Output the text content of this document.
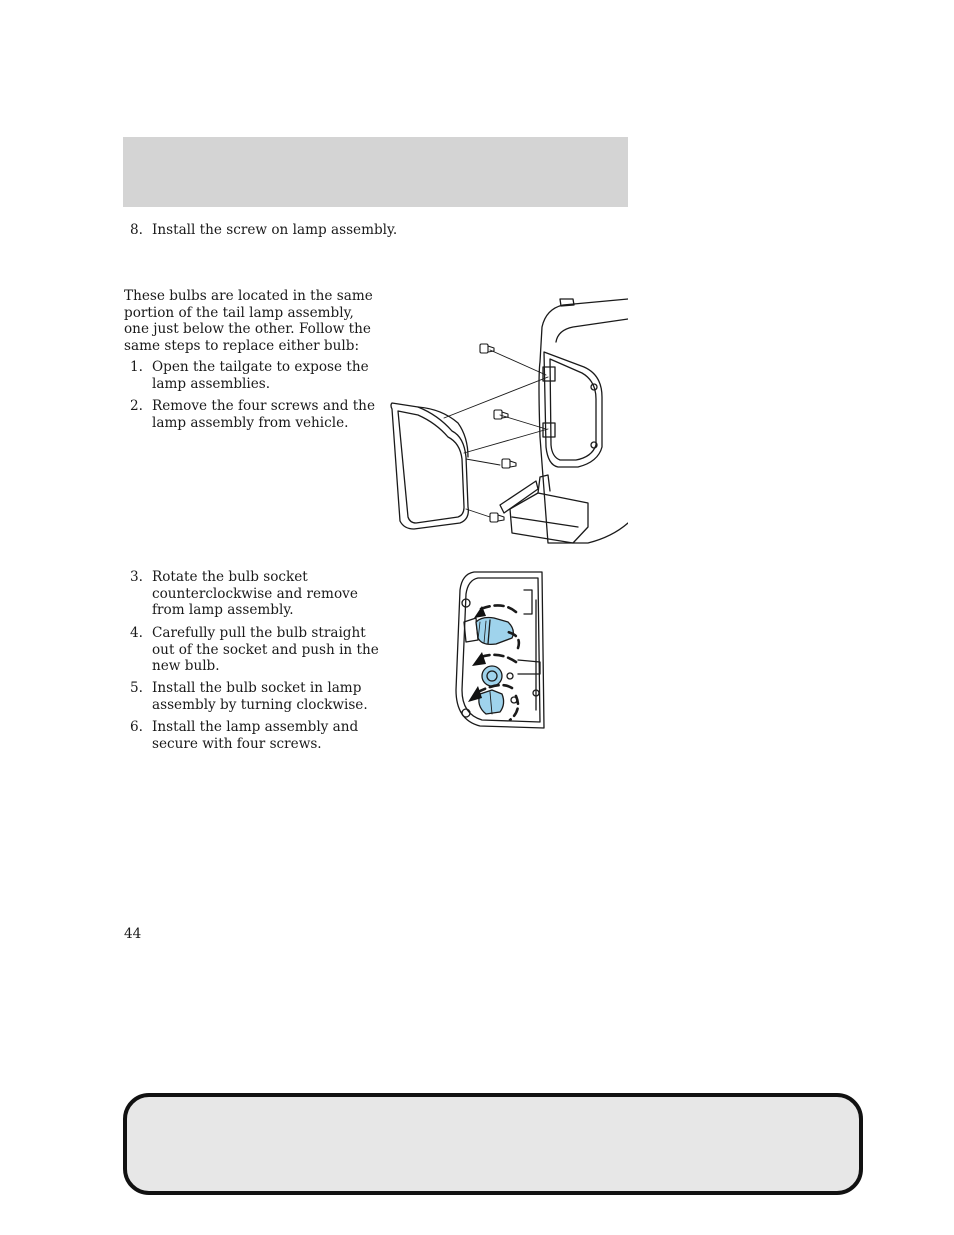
8. Install the screw on lamp assembly.
These bulbs are located in the same portion of the tail lamp assembly, one just below the other. Follow the same steps to replace either bulb:
1. Open the tailgate to expose the lamp assemblies.
2. Remove the four screws and the lamp assembly from vehicle.
3. Rotate the bulb socket counterclockwise and remove from lamp assembly.
4. Carefully pull the bulb straight out of the socket and push in the new bulb.
5. Install the bulb socket in lamp assembly by turning clockwise.
6. Install the lamp assembly and secure with four screws.
44
